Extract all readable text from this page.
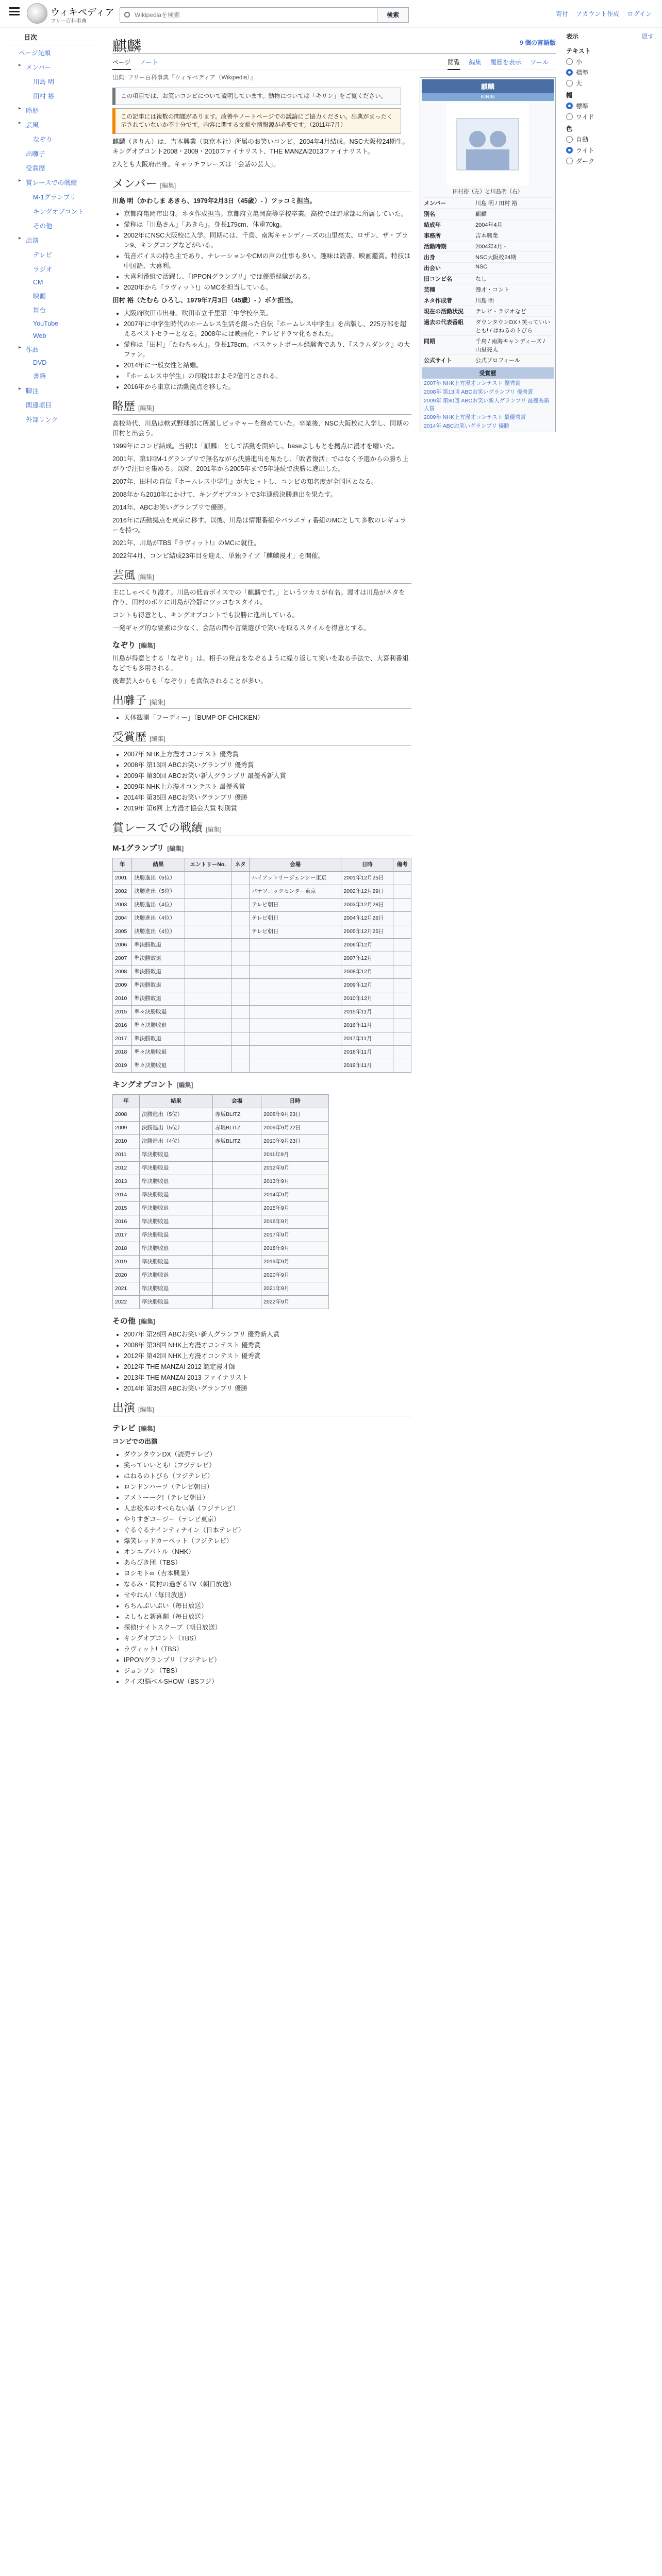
ウィキペディア
フリー百科事典
Wikipediaを検索
検索	寄付 アカウント作成 ログイン
目次
ページ先頭
▸ メンバー
川島 明
田村 裕
▸ 略歴
▸ 芸風
なぞり
出囃子
受賞歴
▸ 賞レースでの戦績
M-1グランプリ
キングオブコント
その他
▸ 出演
テレビ
ラジオ
CM
映画
舞台
YouTube
Web
▸ 作品
DVD
書籍
▸ 脚注
関連項目
外部リンク
表示	隠す
テキスト
小
標準
大
幅
標準
ワイド
色
自動
ライト
ダーク
麒麟	9 個の言語版
ページ ノート	閲覧 編集 履歴を表示 ツール
出典: フリー百科事典『ウィキペディア（Wikipedia）』
麒麟
KIRIN
田村裕（左）と川島明（右）
メンバー	川島 明 / 田村 裕
別名	麒麟
結成年	2004年4月
事務所	吉本興業
活動時期	2004年4月 -
出身	NSC大阪校24期
出会い	NSC
旧コンビ名	なし
芸種	漫才・コント
ネタ作成者	川島 明
現在の活動状況	テレビ・ラジオなど
過去の代表番組	ダウンタウンDX / 笑っていいとも! / はねるのトびら
同期	千鳥 / 南海キャンディーズ / 山里亮太
公式サイト	公式プロフィール
受賞歴
2007年 NHK上方漫才コンテスト 優秀賞
2008年 第13回 ABCお笑いグランプリ 優秀賞
2009年 第30回 ABCお笑い新人グランプリ 最優秀新人賞
2009年 NHK上方漫才コンテスト 最優秀賞
2014年 ABCお笑いグランプリ 優勝
この項目では、お笑いコンビについて説明しています。動物については「キリン」をご覧ください。
この記事には複数の問題があります。改善やノートページでの議論にご協力ください。出典がまったく示されていないか不十分です。内容に関する文献や情報源が必要です。（2011年7月）

麒麟（きりん）は、吉本興業（東京本社）所属のお笑いコンビ。2004年4月結成。NSC大阪校24期生。キングオブコント2008・2009・2010ファイナリスト、THE MANZAI2013ファイナリスト。

2人とも大阪府出身。キャッチフレーズは「会話の芸人」。

メンバー [編集]

川島 明（かわしま あきら、1979年2月3日（45歳）- ）ツッコミ担当。

• 京都府亀岡市出身。ネタ作成担当。京都府立亀岡高等学校卒業。高校では野球部に所属していた。
• 愛称は「川島さん」「あきら」。身長179cm、体重70kg。
• 2002年にNSC大阪校に入学。同期には、千鳥、南海キャンディーズの山里亮太、ロザン、ザ・プラン9、キングコングなどがいる。
• 低音ボイスの持ち主であり、ナレーションやCMの声の仕事も多い。趣味は読書、映画鑑賞。特技は中国語、大喜利。
• 大喜利番組で活躍し、『IPPONグランプリ』では優勝経験がある。
• 2020年から『ラヴィット!』のMCを担当している。

田村 裕（たむら ひろし、1979年7月3日（45歳）- ）ボケ担当。

• 大阪府吹田市出身。吹田市立千里第三中学校卒業。
• 2007年に中学生時代のホームレス生活を綴った自伝『ホームレス中学生』を出版し、225万部を超えるベストセラーとなる。2008年には映画化・テレビドラマ化もされた。
• 愛称は「田村」「たむちゃん」。身長178cm。バスケットボール経験者であり、『スラムダンク』の大ファン。
• 2014年に一般女性と結婚。
• 『ホームレス中学生』の印税はおよそ2億円とされる。
• 2016年から東京に活動拠点を移した。
略歴 [編集]

高校時代、川島は軟式野球部に所属しピッチャーを務めていた。卒業後、NSC大阪校に入学し、同期の田村と出会う。

1999年にコンビ結成。当初は「麒麟」として活動を開始し、baseよしもとを拠点に漫才を磨いた。

2001年、第1回M-1グランプリで無名ながら決勝進出を果たし、「敗者復活」ではなく予選からの勝ち上がりで注目を集める。以降、2001年から2005年まで5年連続で決勝に進出した。

2007年、田村の自伝『ホームレス中学生』が大ヒットし、コンビの知名度が全国区となる。

2008年から2010年にかけて、キングオブコントで3年連続決勝進出を果たす。

2014年、ABCお笑いグランプリで優勝。

2016年に活動拠点を東京に移す。以後、川島は情報番組やバラエティ番組のMCとして多数のレギュラーを持つ。

2021年、川島がTBS『ラヴィット!』のMCに就任。

2022年4月、コンビ結成23年目を迎え、単独ライブ「麒麟漫才」を開催。

芸風 [編集]

主にしゃべくり漫才。川島の低音ボイスでの「麒麟です。」というツカミが有名。漫才は川島がネタを作り、田村のボケに川島が冷静にツッコむスタイル。

コントも得意とし、キングオブコントでも決勝に進出している。

一発ギャグ的な要素は少なく、会話の間や言葉選びで笑いを取るスタイルを得意とする。

なぞり [編集]

川島が得意とする「なぞり」は、相手の発言をなぞるように繰り返して笑いを取る手法で、大喜利番組などでも多用される。

後輩芸人からも「なぞり」を真似されることが多い。

出囃子 [編集]
• 天体観測「フーディー」（BUMP OF CHICKEN）
受賞歴 [編集]
• 2007年 NHK上方漫才コンテスト 優秀賞
• 2008年 第13回 ABCお笑いグランプリ 優秀賞
• 2009年 第30回 ABCお笑い新人グランプリ 最優秀新人賞
• 2009年 NHK上方漫才コンテスト 最優秀賞
• 2014年 第35回 ABCお笑いグランプリ 優勝
• 2019年 第6回 上方漫才協会大賞 特別賞
賞レースでの戦績 [編集]
M-1グランプリ [編集]
年	結果	エントリーNo.	ネタ	会場	日時	備考
2001	決勝進出（5位）			ハイアットリージェンシー東京	2001年12月25日	
2002	決勝進出（5位）			パナソニックセンター東京	2002年12月29日	
2003	決勝進出（4位）			テレビ朝日	2003年12月28日	
2004	決勝進出（4位）			テレビ朝日	2004年12月26日	
2005	決勝進出（4位）			テレビ朝日	2005年12月25日	
2006	準決勝敗退				2006年12月	
2007	準決勝敗退				2007年12月	
2008	準決勝敗退				2008年12月	
2009	準決勝敗退				2009年12月	
2010	準決勝敗退				2010年12月	
2015	準々決勝敗退				2015年11月	
2016	準々決勝敗退				2016年11月	
2017	準決勝敗退				2017年11月	
2018	準々決勝敗退				2018年11月	
2019	準々決勝敗退				2019年11月	
キングオブコント [編集]
年	結果	会場	日時
2008	決勝進出（5位）	赤坂BLITZ	2008年9月23日
2009	決勝進出（5位）	赤坂BLITZ	2009年9月22日
2010	決勝進出（4位）	赤坂BLITZ	2010年9月23日
2011	準決勝敗退		2011年9月
2012	準決勝敗退		2012年9月
2013	準決勝敗退		2013年9月
2014	準決勝敗退		2014年9月
2015	準決勝敗退		2015年9月
2016	準決勝敗退		2016年9月
2017	準決勝敗退		2017年9月
2018	準決勝敗退		2018年9月
2019	準決勝敗退		2019年9月
2020	準決勝敗退		2020年9月
2021	準決勝敗退		2021年9月
2022	準決勝敗退		2022年9月
その他 [編集]
• 2007年 第28回 ABCお笑い新人グランプリ 優秀新人賞
• 2008年 第38回 NHK上方漫才コンテスト 優秀賞
• 2012年 第42回 NHK上方漫才コンテスト 優秀賞
• 2012年 THE MANZAI 2012 認定漫才師
• 2013年 THE MANZAI 2013 ファイナリスト
• 2014年 第35回 ABCお笑いグランプリ 優勝
出演 [編集]
テレビ [編集]

コンビでの出演

• ダウンタウンDX（読売テレビ）
• 笑っていいとも!（フジテレビ）
• はねるのトびら（フジテレビ）
• ロンドンハーツ（テレビ朝日）
• アメトーーク!（テレビ朝日）
• 人志松本のすべらない話（フジテレビ）
• やりすぎコージー（テレビ東京）
• ぐるぐるナインティナイン（日本テレビ）
• 爆笑レッドカーペット（フジテレビ）
• オンエアバトル（NHK）
• あらびき団（TBS）
• ヨシモト∞（吉本興業）
• なるみ・岡村の過ぎるTV（朝日放送）
• せやねん!（毎日放送）
• ちちんぷいぷい（毎日放送）
• よしもと新喜劇（毎日放送）
• 探偵!ナイトスクープ（朝日放送）
• キングオブコント（TBS）
• ラヴィット!（TBS）
• IPPONグランプリ（フジテレビ）
• ジョンソン（TBS）
• クイズ!脳ベルSHOW（BSフジ）
